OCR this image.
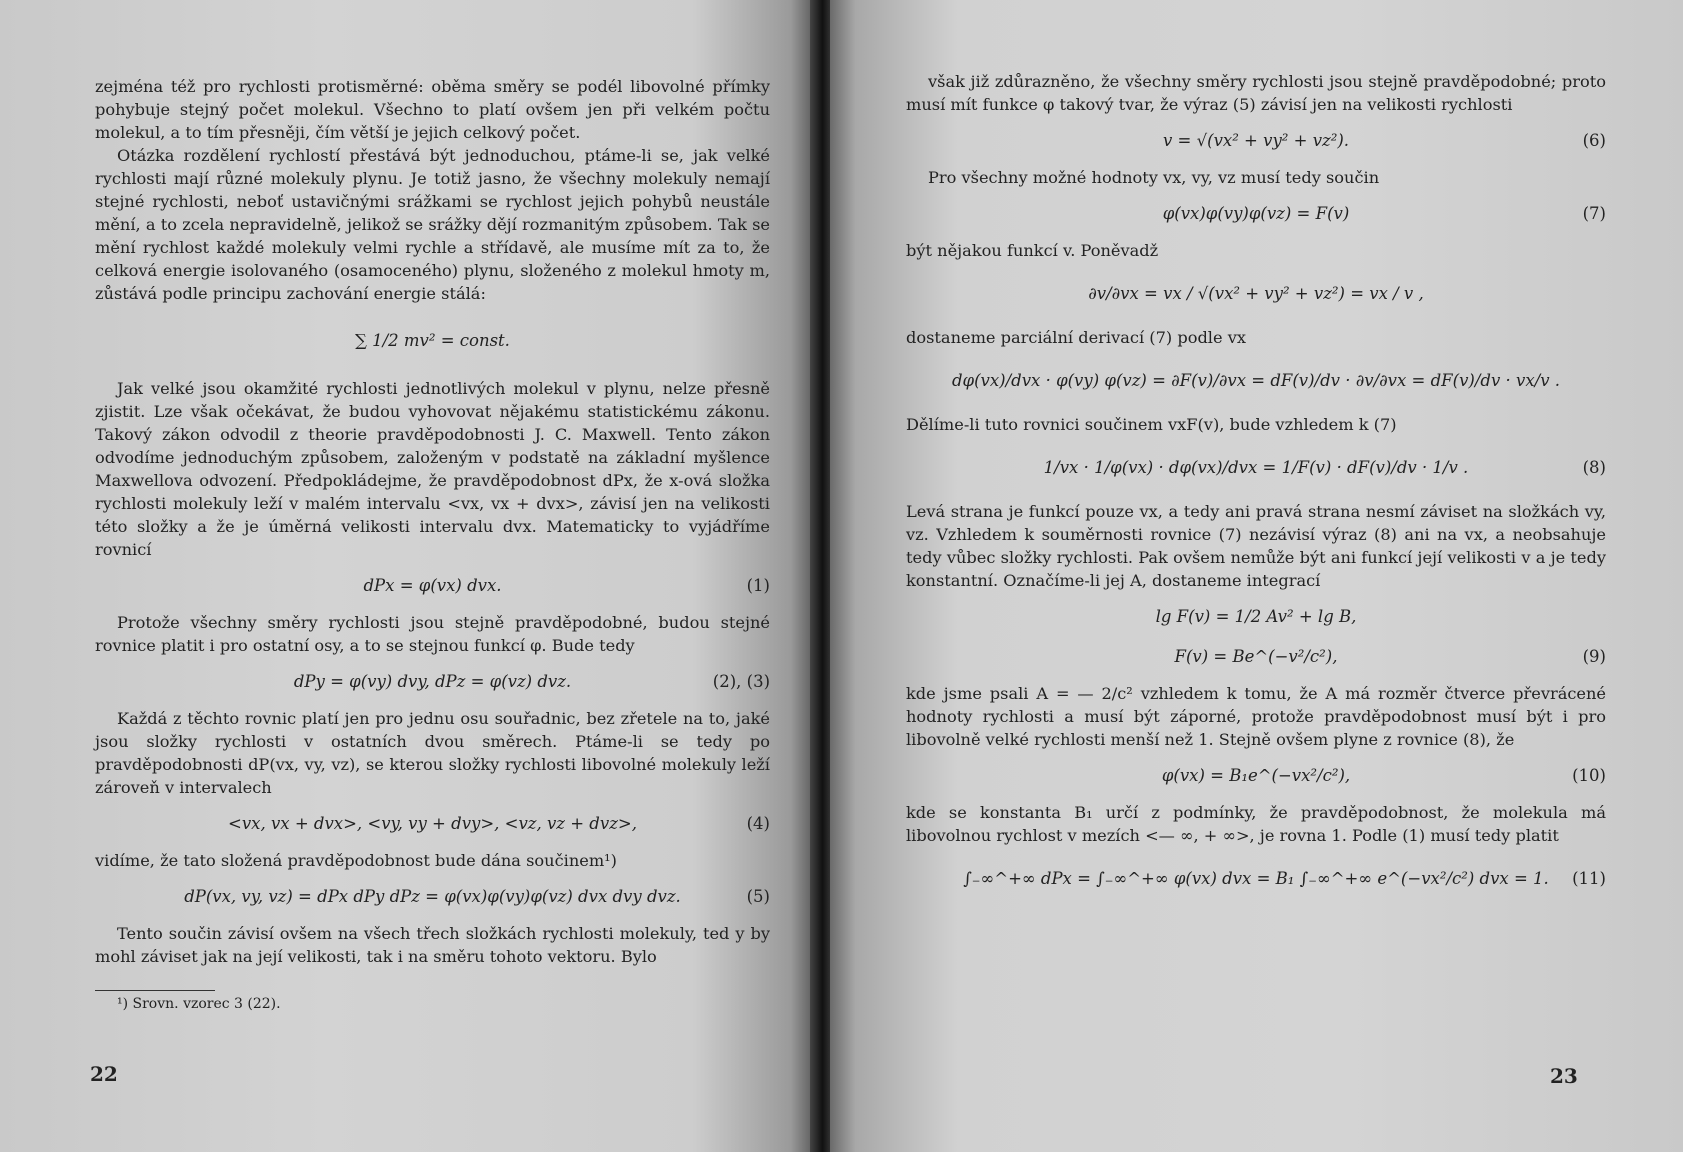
zejména též pro rychlosti protisměrné: oběma směry se podél libovolné přímky pohybuje stejný počet molekul. Všechno to platí ovšem jen při velkém počtu molekul, a to tím přesněji, čím větší je jejich celkový počet.

Otázka rozdělení rychlostí přestává být jednoduchou, ptáme-li se, jak velké rychlosti mají různé molekuly plynu. Je totiž jasno, že všechny molekuly nemají stejné rychlosti, neboť ustavičnými srážkami se rychlost jejich pohybů neustále mění, a to zcela nepravidelně, jelikož se srážky dějí rozmanitým způsobem. Tak se mění rychlost každé molekuly velmi rychle a střídavě, ale musíme mít za to, že celková energie isolovaného (osamoceného) plynu, složeného z molekul hmoty m, zůstává podle principu zachování energie stálá:

∑ 1/2 mv² = const.

Jak velké jsou okamžité rychlosti jednotlivých molekul v plynu, nelze přesně zjistit. Lze však očekávat, že budou vyhovovat nějakému statistickému zákonu. Takový zákon odvodil z theorie pravděpodobnosti J. C. Maxwell. Tento zákon odvodíme jednoduchým způsobem, založeným v podstatě na základní myšlence Maxwellova odvození. Předpokládejme, že pravděpodobnost dPx, že x-ová složka rychlosti molekuly leží v malém intervalu <vx, vx + dvx>, závisí jen na velikosti této složky a že je úměrná velikosti intervalu dvx. Matematicky to vyjádříme rovnicí

dPx = φ(vx) dvx.	(1)

Protože všechny směry rychlosti jsou stejně pravděpodobné, budou stejné rovnice platit i pro ostatní osy, a to se stejnou funkcí φ. Bude tedy

dPy = φ(vy) dvy, dPz = φ(vz) dvz.	(2), (3)

Každá z těchto rovnic platí jen pro jednu osu souřadnic, bez zřetele na to, jaké jsou složky rychlosti v ostatních dvou směrech. Ptáme-li se tedy po pravděpodobnosti dP(vx, vy, vz), se kterou složky rychlosti libovolné molekuly leží zároveň v intervalech

<vx, vx + dvx>, <vy, vy + dvy>, <vz, vz + dvz>,	(4)

vidíme, že tato složená pravděpodobnost bude dána součinem¹)

dP(vx, vy, vz) = dPx dPy dPz = φ(vx)φ(vy)φ(vz) dvx dvy dvz.	(5)

Tento součin závisí ovšem na všech třech složkách rychlosti molekuly, ted y by mohl záviset jak na její velikosti, tak i na směru tohoto vektoru. Bylo

¹) Srovn. vzorec 3 (22).

však již zdůrazněno, že všechny směry rychlosti jsou stejně pravděpodobné; proto musí mít funkce φ takový tvar, že výraz (5) závisí jen na velikosti rychlosti

v = √(vx² + vy² + vz²).	(6)

Pro všechny možné hodnoty vx, vy, vz musí tedy součin

φ(vx)φ(vy)φ(vz) = F(v)	(7)

být nějakou funkcí v. Poněvadž

∂v/∂vx = vx / √(vx² + vy² + vz²) = vx / v ,

dostaneme parciální derivací (7) podle vx

dφ(vx)/dvx · φ(vy) φ(vz) = ∂F(v)/∂vx = dF(v)/dv · ∂v/∂vx = dF(v)/dv · vx/v .

Dělíme-li tuto rovnici součinem vxF(v), bude vzhledem k (7)

1/vx · 1/φ(vx) · dφ(vx)/dvx = 1/F(v) · dF(v)/dv · 1/v .	(8)

Levá strana je funkcí pouze vx, a tedy ani pravá strana nesmí záviset na složkách vy, vz. Vzhledem k souměrnosti rovnice (7) nezávisí výraz (8) ani na vx, a neobsahuje tedy vůbec složky rychlosti. Pak ovšem nemůže být ani funkcí její velikosti v a je tedy konstantní. Označíme-li jej A, dostaneme integrací

lg F(v) = 1/2 Av² + lg B,
F(v) = Be^(−v²/c²),	(9)

kde jsme psali A = — 2/c² vzhledem k tomu, že A má rozměr čtverce převrácené hodnoty rychlosti a musí být záporné, protože pravděpodobnost musí být i pro libovolně velké rychlosti menší než 1. Stejně ovšem plyne z rovnice (8), že

φ(vx) = B₁e^(−vx²/c²),	(10)

kde se konstanta B₁ určí z podmínky, že pravděpodobnost, že molekula má libovolnou rychlost v mezích <— ∞, + ∞>, je rovna 1. Podle (1) musí tedy platit

∫₋∞^+∞ dPx = ∫₋∞^+∞ φ(vx) dvx = B₁ ∫₋∞^+∞ e^(−vx²/c²) dvx = 1. (11)
23
22
